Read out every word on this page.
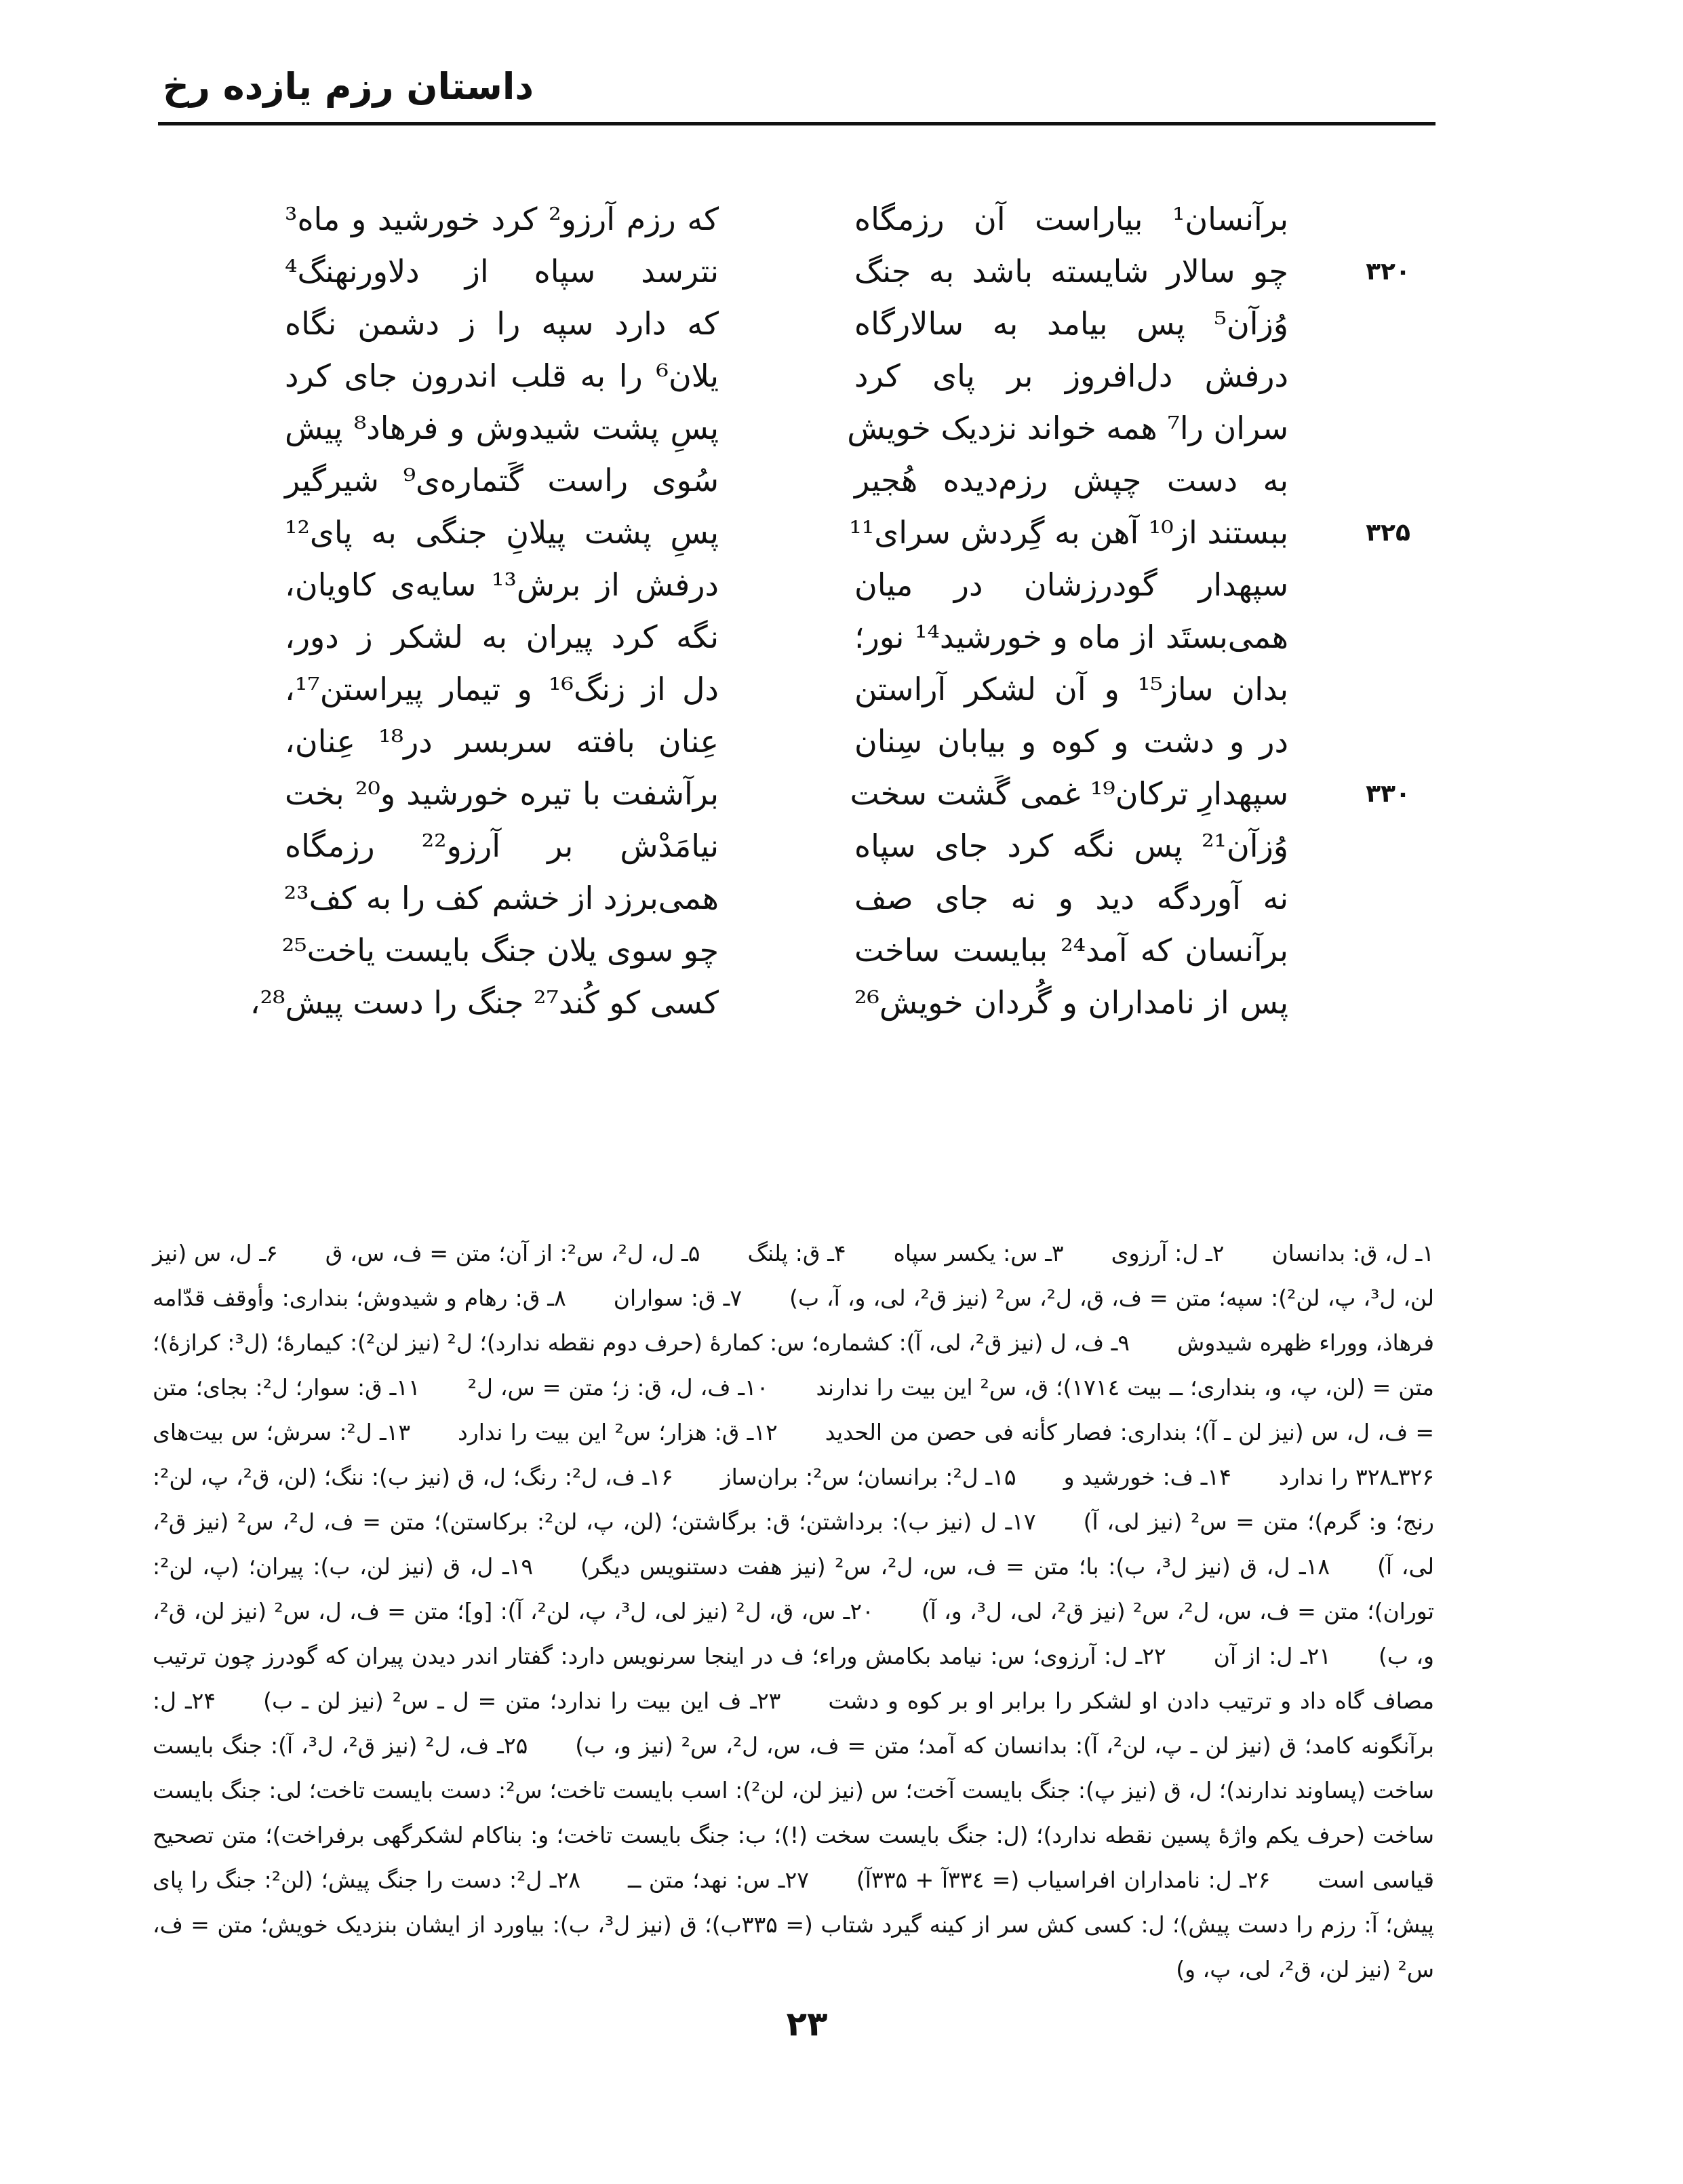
داستان رزم یازده رخ
برآنسان¹ بیاراست آن رزمگاه
که رزم آرزو² کرد خورشید و ماه³
۳۲۰
چو سالار شایسته باشد به جنگ
نترسد سپاه از دلاورنهنگ⁴
وُزآن⁵ پس بیامد به سالارگاه
که دارد سپه را ز دشمن نگاه
درفش دل‌افروز بر پای کرد
یلان⁶ را به قلب اندرون جای کرد
سران را⁷ همه خواند نزدیک خویش
پسِ پشت شیدوش و فرهاد⁸ پیش
به دست چپش رزم‌دیده هُجیر
سُوی راست گَتماره‌ی⁹ شیرگیر
۳۲۵
ببستند از¹⁰ آهن به گِردش سرای¹¹
پسِ پشت پیلانِ جنگی به پای¹²
سپهدار گودرز‌شان در میان
درفش از برش¹³ سایه‌ی کاویان،
همی‌بستَد از ماه و خورشید¹⁴ نور؛
نگه کرد پیران به لشکر ز دور،
بدان ساز¹⁵ و آن لشکر آراستن
دل از زنگ¹⁶ و تیمار پیراستن¹⁷،
در و دشت و کوه و بیابان سِنان
عِنان بافته سربسر در¹⁸ عِنان،
۳۳۰
سپهدارِ ترکان¹⁹ غمی گَشت سخت
برآشفت با تیره خورشید و²⁰ بخت
وُزآن²¹ پس نگه کرد جای سپاه
نیامَدْش بر آرزو²² رزمگاه
نه آوردگه دید و نه جای صف
همی‌برزد از خشم کف را به کف²³
برآنسان که آمد²⁴ ببایست ساخت
چو سوی یلان جنگ بایست یاخت²⁵
پس از نامداران و گُردان خویش²⁶
کسی کو کُند²⁷ جنگ را دست پیش²⁸،
۱ـ ل، ق: بدانسان۲ـ ل: آرزوی۳ـ س: یکسر سپاه۴ـ ق: پلنگ۵ـ ل، ل²، س²: از آن؛ متن = ف، س، ق۶ـ ل، س (نیز لن، ل³، پ، لن²): سپه؛ متن = ف، ق، ل²، س² (نیز ق²، لی، و، آ، ب)۷ـ ق: سواران۸ـ ق: رهام و شیدوش؛ بنداری: وأوقف قدّامه فرهاذ، ووراء ظهره شیدوش۹ـ ف، ل (نیز ق²، لی، آ): کشماره؛ س: کمارهٔ (حرف دوم نقطه ندارد)؛ ل² (نیز لن²): کیمارهٔ؛ (ل³: کرازهٔ)؛ متن = (لن، پ، و، بنداری؛ ــ بیت ۱۷۱٤)؛ ق، س² این بیت را ندارند۱۰ـ ف، ل، ق: ز؛ متن = س، ل²۱۱ـ ق: سوار؛ ل²: بجای؛ متن = ف، ل، س (نیز لن ـ آ)؛ بنداری: فصار کأنه فی حصن من الحدید۱۲ـ ق: هزار؛ س² این بیت را ندارد۱۳ـ ل²: سرش؛ س بیت‌های ۳۲۶ـ۳۲۸ را ندارد۱۴ـ ف: خورشید و۱۵ـ ل²: برانسان؛ س²: بران‌ساز۱۶ـ ف، ل²: رنگ؛ ل، ق (نیز ب): ننگ؛ (لن، ق²، پ، لن²: رنج؛ و: گرم)؛ متن = س² (نیز لی، آ)۱۷ـ ل (نیز ب): برداشتن؛ ق: برگاشتن؛ (لن، پ، لن²: برکاستن)؛ متن = ف، ل²، س² (نیز ق²، لی، آ)۱۸ـ ل، ق (نیز ل³، ب): با؛ متن = ف، س، ل²، س² (نیز هفت دستنویس دیگر)۱۹ـ ل، ق (نیز لن، ب): پیران؛ (پ، لن²: توران)؛ متن = ف، س، ل²، س² (نیز ق²، لی، ل³، و، آ)۲۰ـ س، ق، ل² (نیز لی، ل³، پ، لن²، آ): [و]؛ متن = ف، ل، س² (نیز لن، ق²، و، ب)۲۱ـ ل: از آن۲۲ـ ل: آرزوی؛ س: نیامد بکامش وراء؛ ف در اینجا سرنویس دارد: گفتار اندر دیدن پیران که گودرز چون ترتیب مصاف گاه داد و ترتیب دادن او لشکر را برابر او بر کوه و دشت۲۳ـ ف این بیت را ندارد؛ متن = ل ـ س² (نیز لن ـ ب)۲۴ـ ل: برآنگونه کامد؛ ق (نیز لن ـ پ، لن²، آ): بدانسان که آمد؛ متن = ف، س، ل²، س² (نیز و، ب)۲۵ـ ف، ل² (نیز ق²، ل³، آ): جنگ بایست ساخت (پساوند ندارند)؛ ل، ق (نیز پ): جنگ بایست آخت؛ س (نیز لن، لن²): اسب بایست تاخت؛ س²: دست بایست تاخت؛ لی: جنگ بایست ساخت (حرف یکم واژهٔ پسین نقطه ندارد)؛ (ل: جنگ بایست سخت (!)؛ ب: جنگ بایست تاخت؛ و: بناکام لشکرگهی برفراخت)؛ متن تصحیح قیاسی است۲۶ـ ل: نامداران افراسیاب (= ۳۳٤آ + ۳۳۵آ)۲۷ـ س: نهد؛ متن ــ۲۸ـ ل²: دست را جنگ پیش؛ (لن²: جنگ را پای پیش؛ آ: رزم را دست پیش)؛ ل: کسی کش سر از کینه گیرد شتاب (= ۳۳۵ب)؛ ق (نیز ل³، ب): بیاورد از ایشان بنزدیک خویش؛ متن = ف، س² (نیز لن، ق²، لی، پ، و)
۲۳
